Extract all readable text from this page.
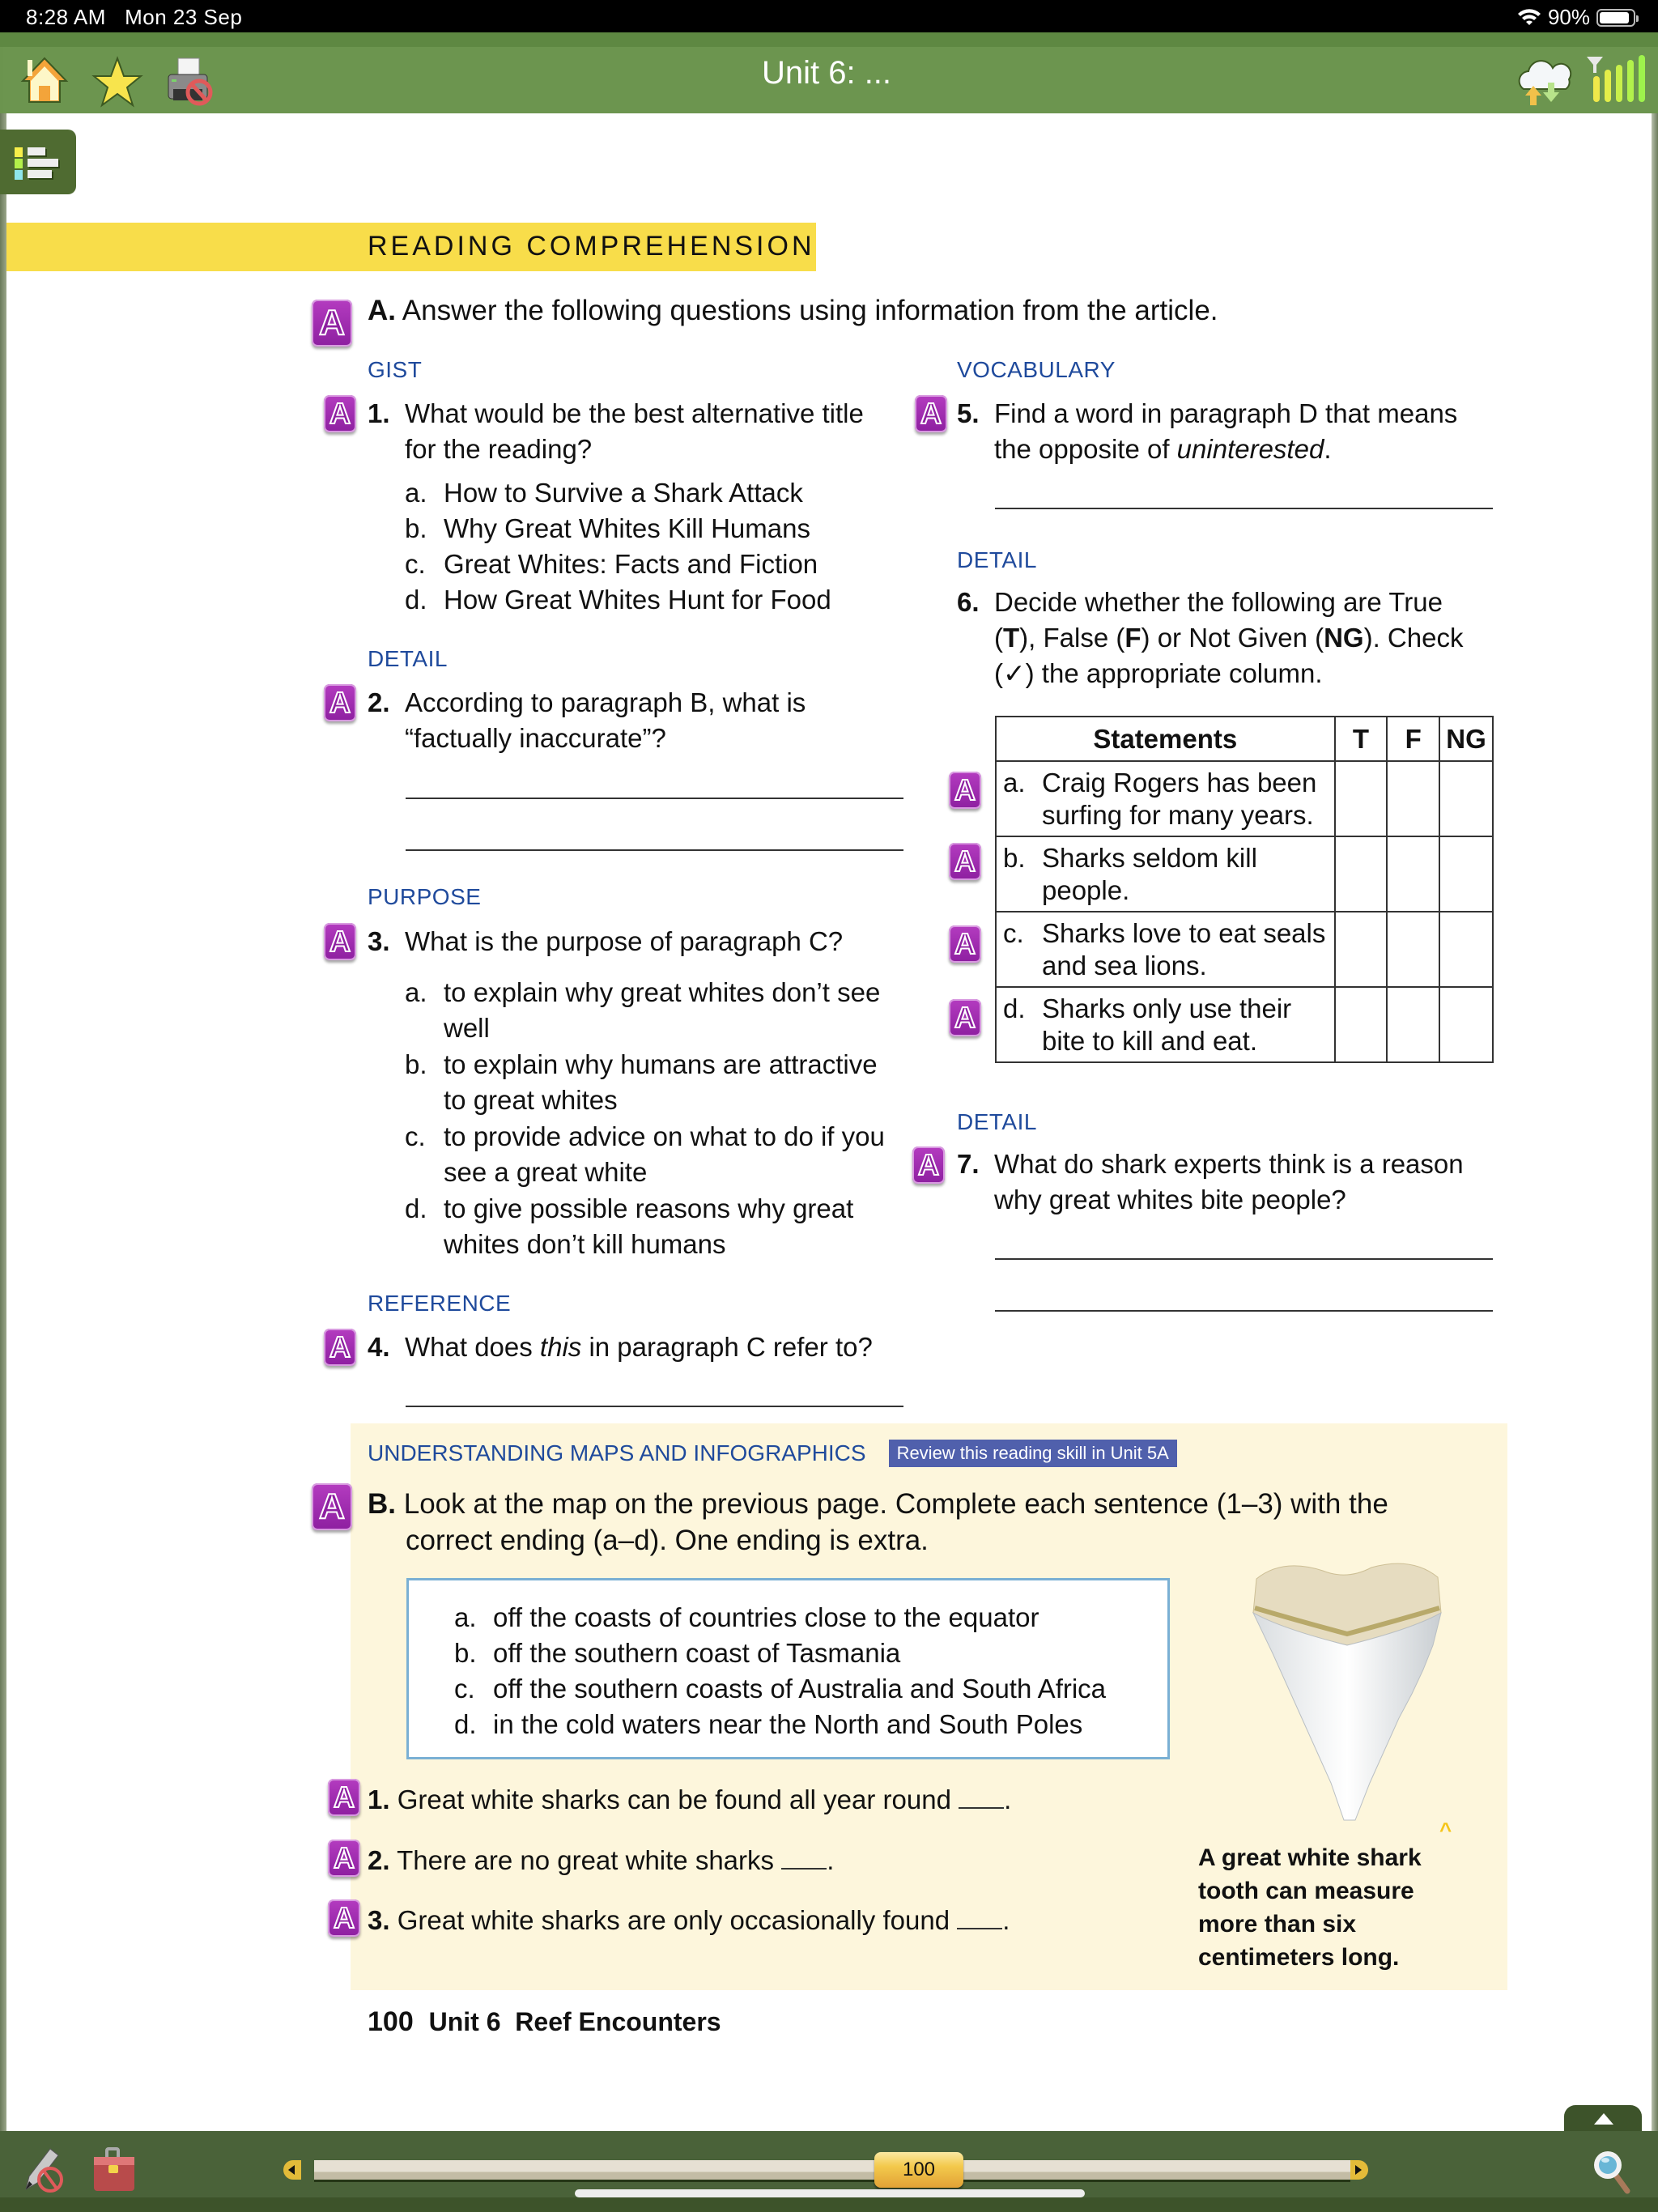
8:28 AM Mon 23 Sep	90%
Unit 6: ...
READING COMPREHENSION
A A. Answer the following questions using information from the article.
GIST
A 1. What would be the best alternative title
for the reading?
a. How to Survive a Shark Attack
b. Why Great Whites Kill Humans
c. Great Whites: Facts and Fiction
d. How Great Whites Hunt for Food
DETAIL
A 2. According to paragraph B, what is
“factually inaccurate”?
PURPOSE
A 3. What is the purpose of paragraph C?
a. to explain why great whites don’t see
well
b. to explain why humans are attractive
to great whites
c. to provide advice on what to do if you
see a great white
d. to give possible reasons why great
whites don’t kill humans
REFERENCE
A 4. What does this in paragraph C refer to?
VOCABULARY
A 5. Find a word in paragraph D that means
the opposite of uninterested.
DETAIL
6. Decide whether the following are True
(T), False (F) or Not Given (NG). Check
(✓) the appropriate column.
Statements	T	F	NG

a. Craig Rogers has been surfing for many years.			

b. Sharks seldom kill people.			

c. Sharks love to eat seals and sea lions.			

d. Sharks only use their bite to kill and eat.			

A
A
A
A
DETAIL
A 7. What do shark experts think is a reason
why great whites bite people?
UNDERSTANDING MAPS AND INFOGRAPHICS	Review this reading skill in Unit 5A
A B. Look at the map on the previous page. Complete each sentence (1–3) with the
correct ending (a–d). One ending is extra.
a. off the coasts of countries close to the equator
b. off the southern coast of Tasmania
c. off the southern coasts of Australia and South Africa
d. in the cold waters near the North and South Poles
^
A 1. Great white sharks can be found all year round .
A 2. There are no great white sharks .
A 3. Great white sharks are only occasionally found .
A great white shark
tooth can measure
more than six
centimeters long.
100 Unit 6 Reef Encounters
100
